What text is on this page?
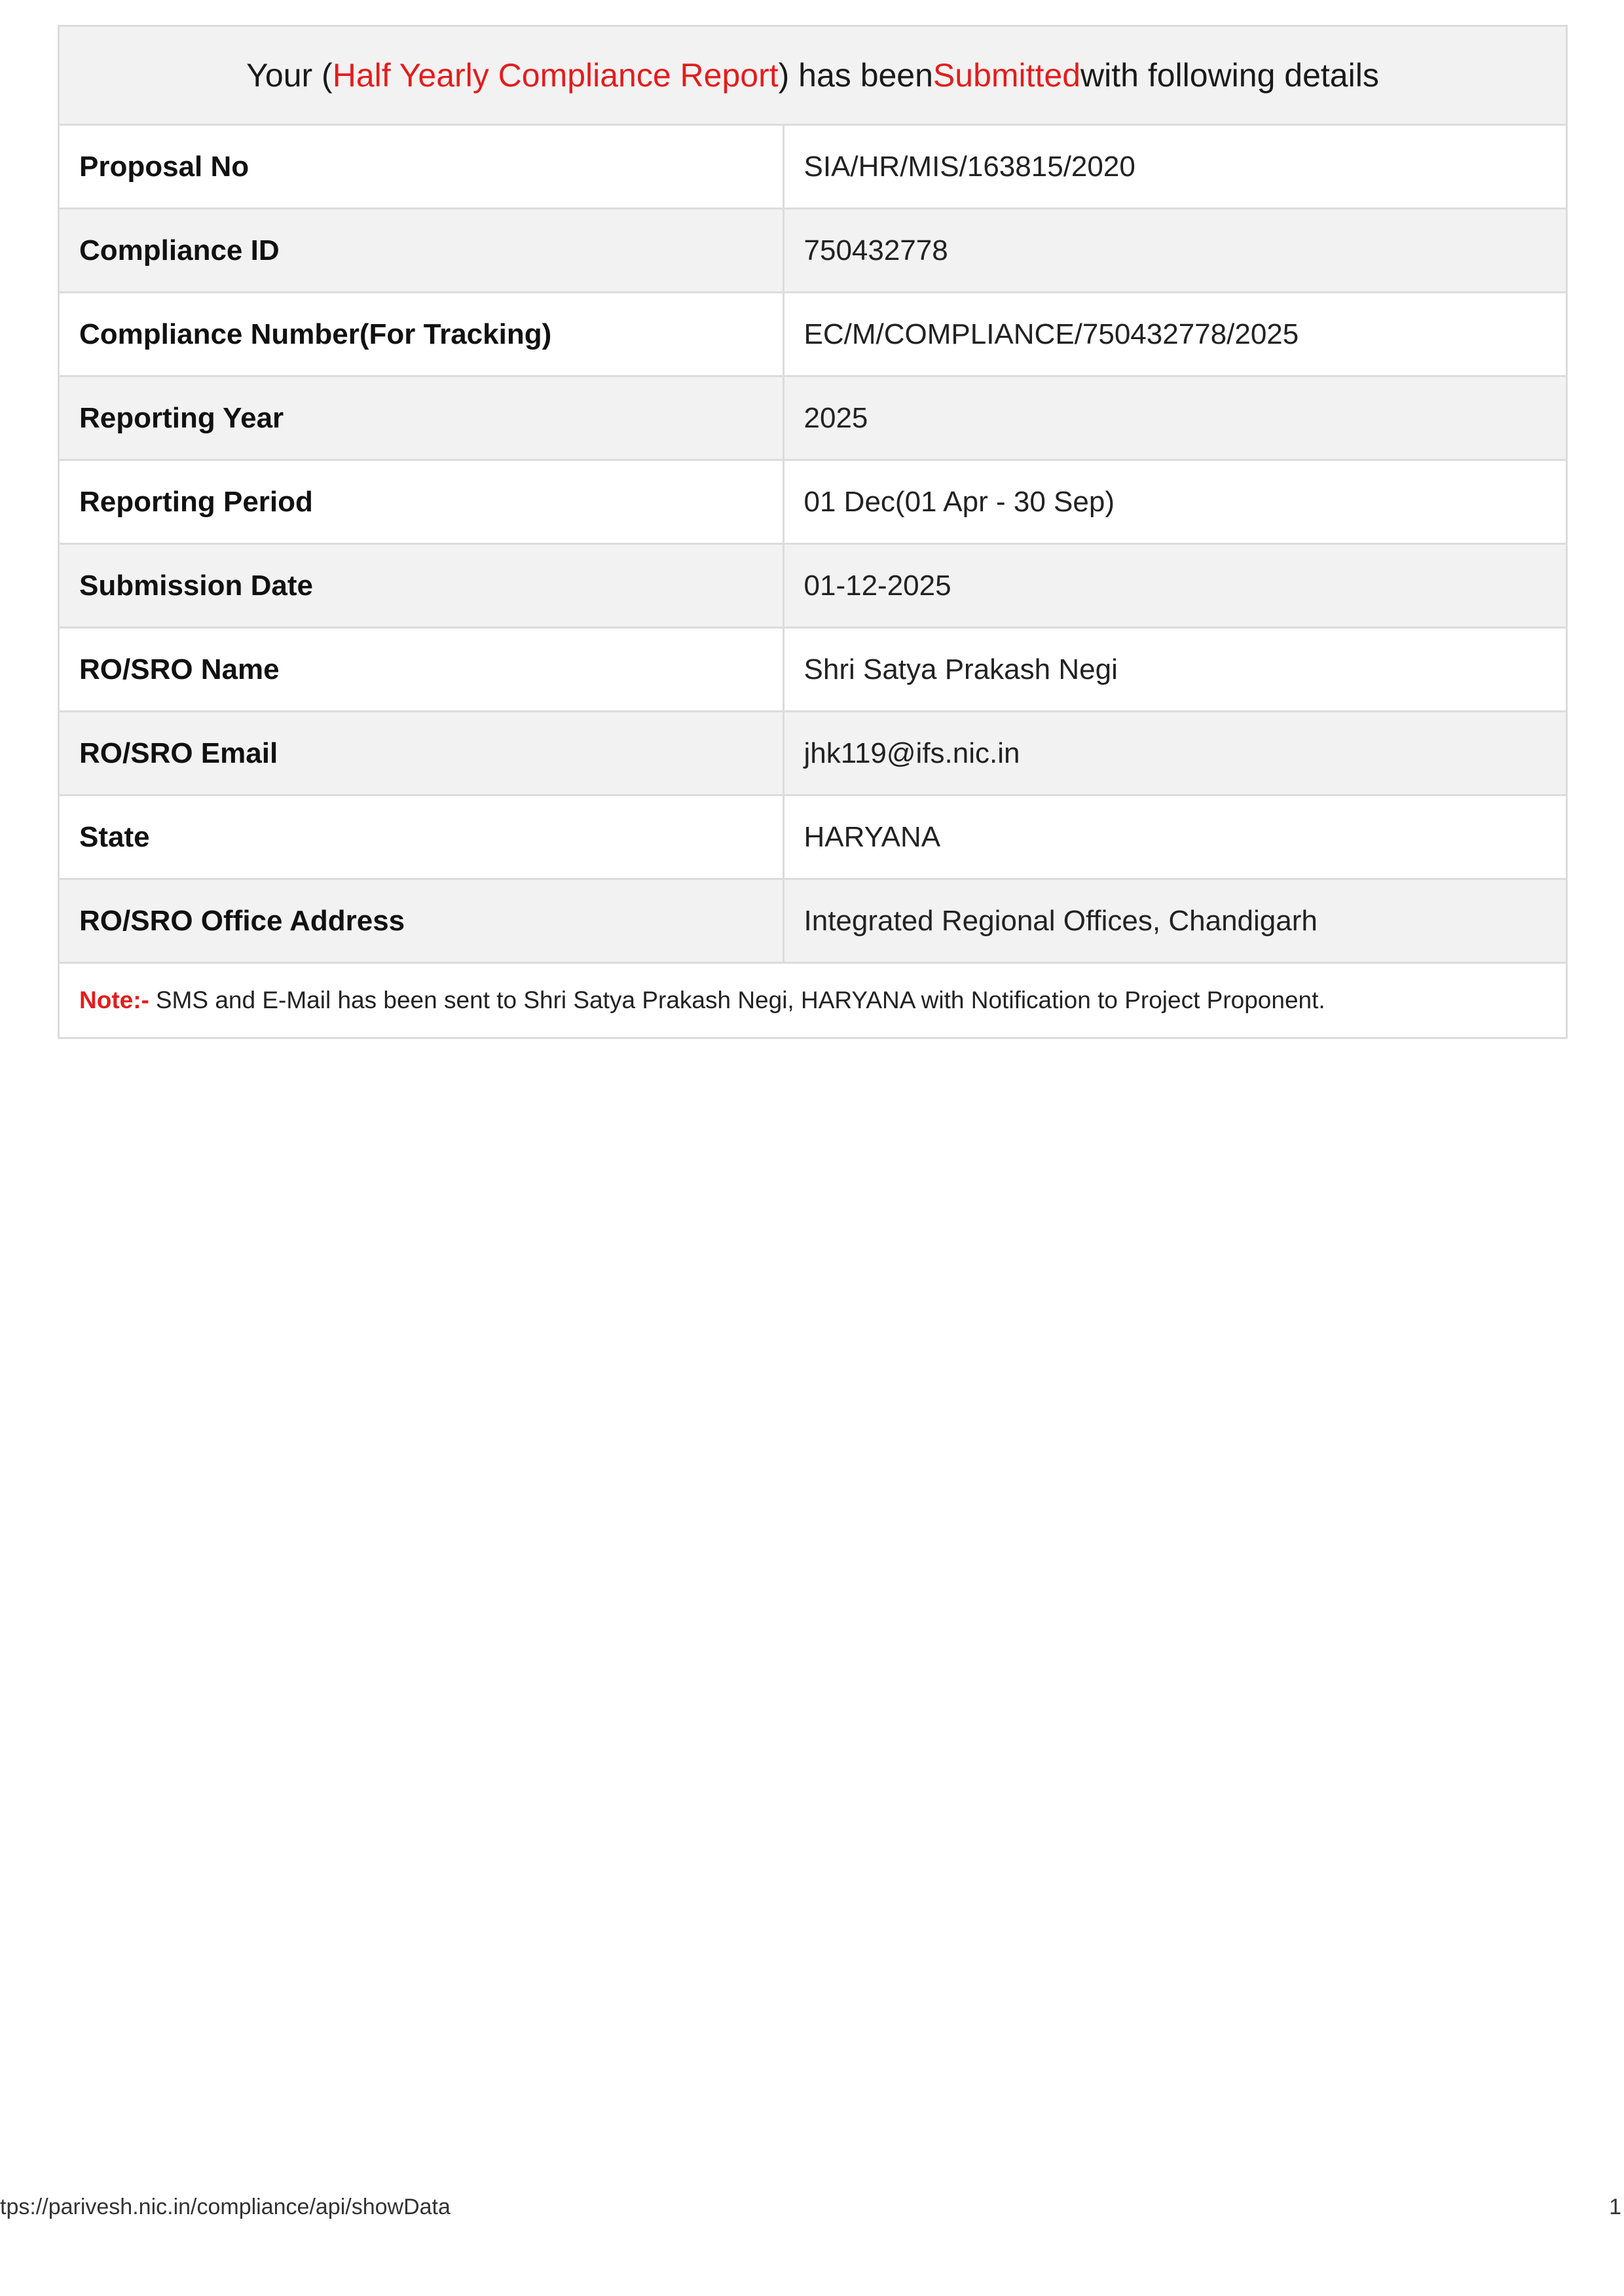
Your ( Half Yearly Compliance Report ) has been Submitted with following details
Proposal No	SIA/HR/MIS/163815/2020
Compliance ID	750432778
Compliance Number(For Tracking)	EC/M/COMPLIANCE/750432778/2025
Reporting Year	2025
Reporting Period	01 Dec(01 Apr - 30 Sep)
Submission Date	01-12-2025
RO/SRO Name	Shri Satya Prakash Negi
RO/SRO Email	jhk119@ifs.nic.in
State	HARYANA
RO/SRO Office Address	Integrated Regional Offices, Chandigarh
Note:- SMS and E-Mail has been sent to Shri Satya Prakash Negi, HARYANA with Notification to Project Proponent.
tps://parivesh.nic.in/compliance/api/showData	1
